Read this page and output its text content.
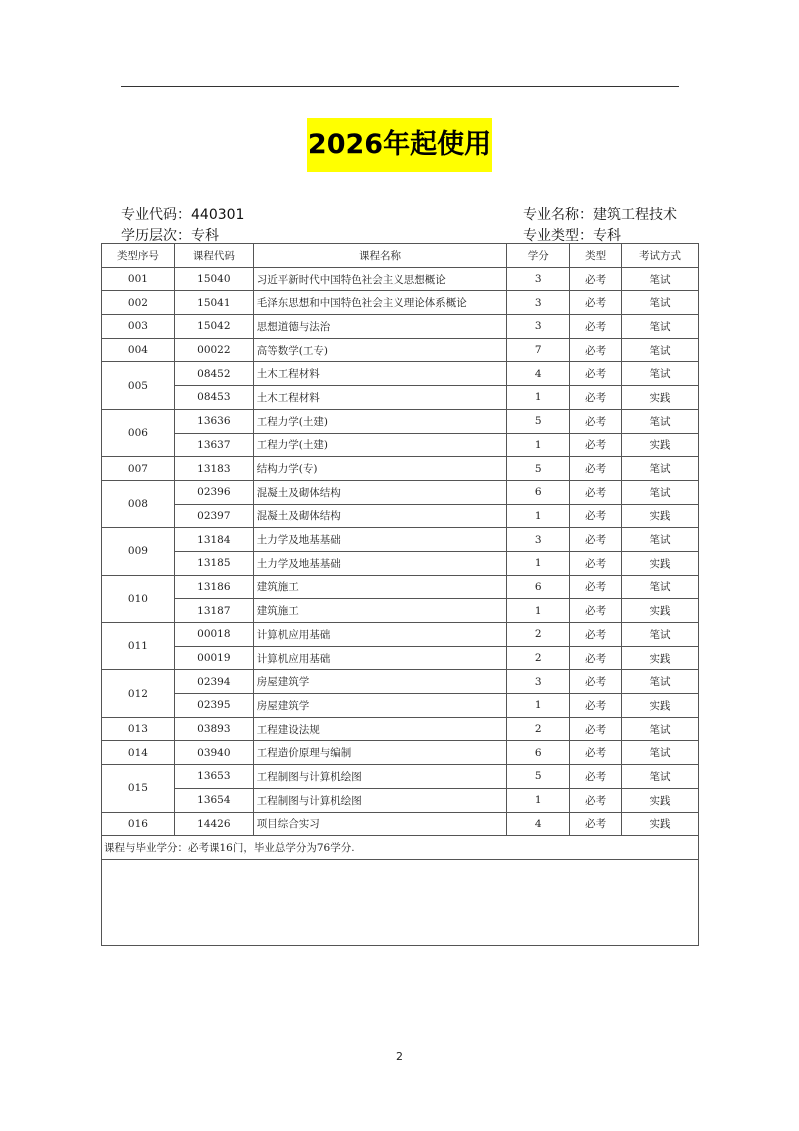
2026年起使用
专业代码：440301
学历层次：专科
专业名称：建筑工程技术
专业类型：专科
类型序号	课程代码	课程名称	学分	类型	考试方式
001	15040	习近平新时代中国特色社会主义思想概论	3	必考	笔试
002	15041	毛泽东思想和中国特色社会主义理论体系概论	3	必考	笔试
003	15042	思想道德与法治	3	必考	笔试
004	00022	高等数学(工专)	7	必考	笔试
005	08452	土木工程材料	4	必考	笔试
	08453	土木工程材料	1	必考	实践
006	13636	工程力学(土建)	5	必考	笔试
	13637	工程力学(土建)	1	必考	实践
007	13183	结构力学(专)	5	必考	笔试
008	02396	混凝土及砌体结构	6	必考	笔试
	02397	混凝土及砌体结构	1	必考	实践
009	13184	土力学及地基基础	3	必考	笔试
	13185	土力学及地基基础	1	必考	实践
010	13186	建筑施工	6	必考	笔试
	13187	建筑施工	1	必考	实践
011	00018	计算机应用基础	2	必考	笔试
	00019	计算机应用基础	2	必考	实践
012	02394	房屋建筑学	3	必考	笔试
	02395	房屋建筑学	1	必考	实践
013	03893	工程建设法规	2	必考	笔试
014	03940	工程造价原理与编制	6	必考	笔试
015	13653	工程制图与计算机绘图	5	必考	笔试
	13654	工程制图与计算机绘图	1	必考	实践
016	14426	项目综合实习	4	必考	实践
课程与毕业学分：必考课16门，毕业总学分为76学分.					

2
